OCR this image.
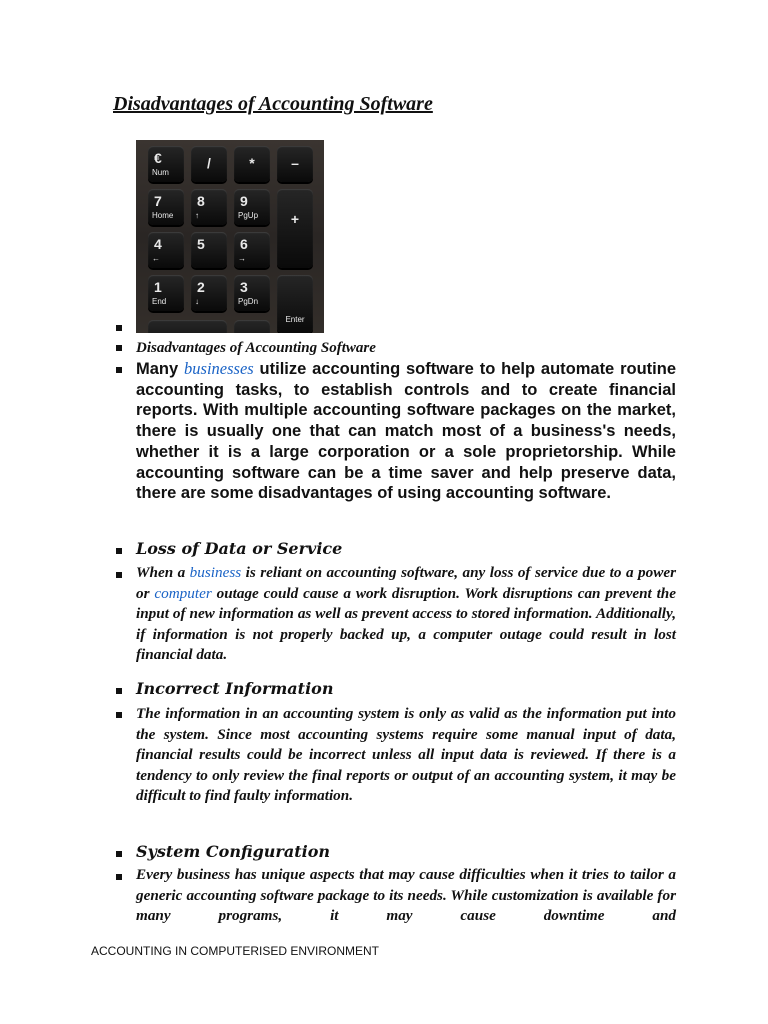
Disadvantages of Accounting Software
€
Num
/	*	–
7
Home
8
↑
9
PgUp	+
4
←
5	6
→
1
End
2
↓
3
PgDn
Enter
Disadvantages of Accounting Software
Many businesses utilize accounting software to help automate routine accounting tasks, to establish controls and to create financial reports. With multiple accounting software packages on the market, there is usually one that can match most of a business's needs, whether it is a large corporation or a sole proprietorship. While accounting software can be a time saver and help preserve data, there are some disadvantages of using accounting software.
Loss of Data or Service
When a business is reliant on accounting software, any loss of service due to a power or computer outage could cause a work disruption. Work disruptions can prevent the input of new information as well as prevent access to stored information. Additionally, if information is not properly backed up, a computer outage could result in lost financial data.
Incorrect Information
The information in an accounting system is only as valid as the information put into the system. Since most accounting systems require some manual input of data, financial results could be incorrect unless all input data is reviewed. If there is a tendency to only review the final reports or output of an accounting system, it may be difficult to find faulty information.
System Configuration
Every business has unique aspects that may cause difficulties when it tries to tailor a generic accounting software package to its needs. While customization is available for many programs, it may cause downtime and
ACCOUNTING IN COMPUTERISED ENVIRONMENT
